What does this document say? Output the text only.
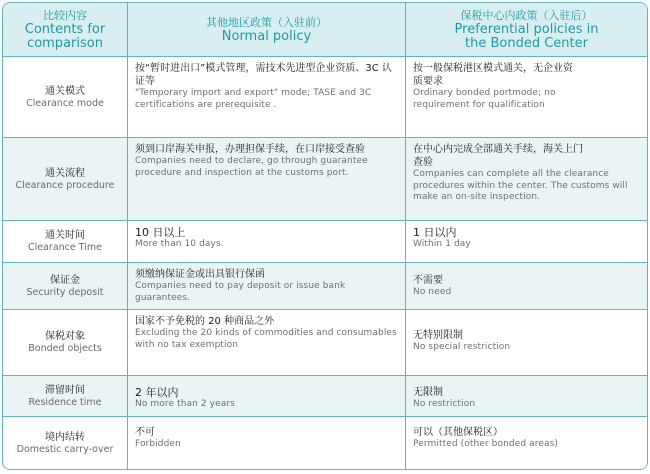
比较内容
Contents for comparison
其他地区政策（入驻前）
Normal policy
保税中心内政策（入驻后）
Preferential policies in the Bonded Center
通关模式
Clearance mode
按“暂时进出口”模式管理，需技术先进型企业资质、3C 认证等
"Temporary import and export" mode; TASE and 3C certifications are prerequisite .
按一般保税港区模式通关，无企业资质要求
Ordinary bonded portmode; no requirement for qualification
通关流程
Clearance procedure
须到口岸海关申报，办理担保手续，在口岸接受查验
Companies need to declare, go through guarantee procedure and inspection at the customs port.
在中心内完成全部通关手续，海关上门查验
Companies can complete all the clearance procedures within the center. The customs will make an on-site inspection.
通关时间
Clearance Time
10 日以上
More than 10 days.
1 日以内
Within 1 day
保证金
Security deposit
须缴纳保证金或出具银行保函
Companies need to pay deposit or issue bank guarantees.
不需要
No need
保税对象
Bonded objects
国家不予免税的 20 种商品之外
Excluding the 20 kinds of commodities and consumables with no tax exemption
无特别限制
No special restriction
滞留时间
Residence time
2 年以内
No more than 2 years
无限制
No restriction
境内结转
Domestic carry-over
不可
Forbidden
可以（其他保税区）
Permitted (other bonded areas)
